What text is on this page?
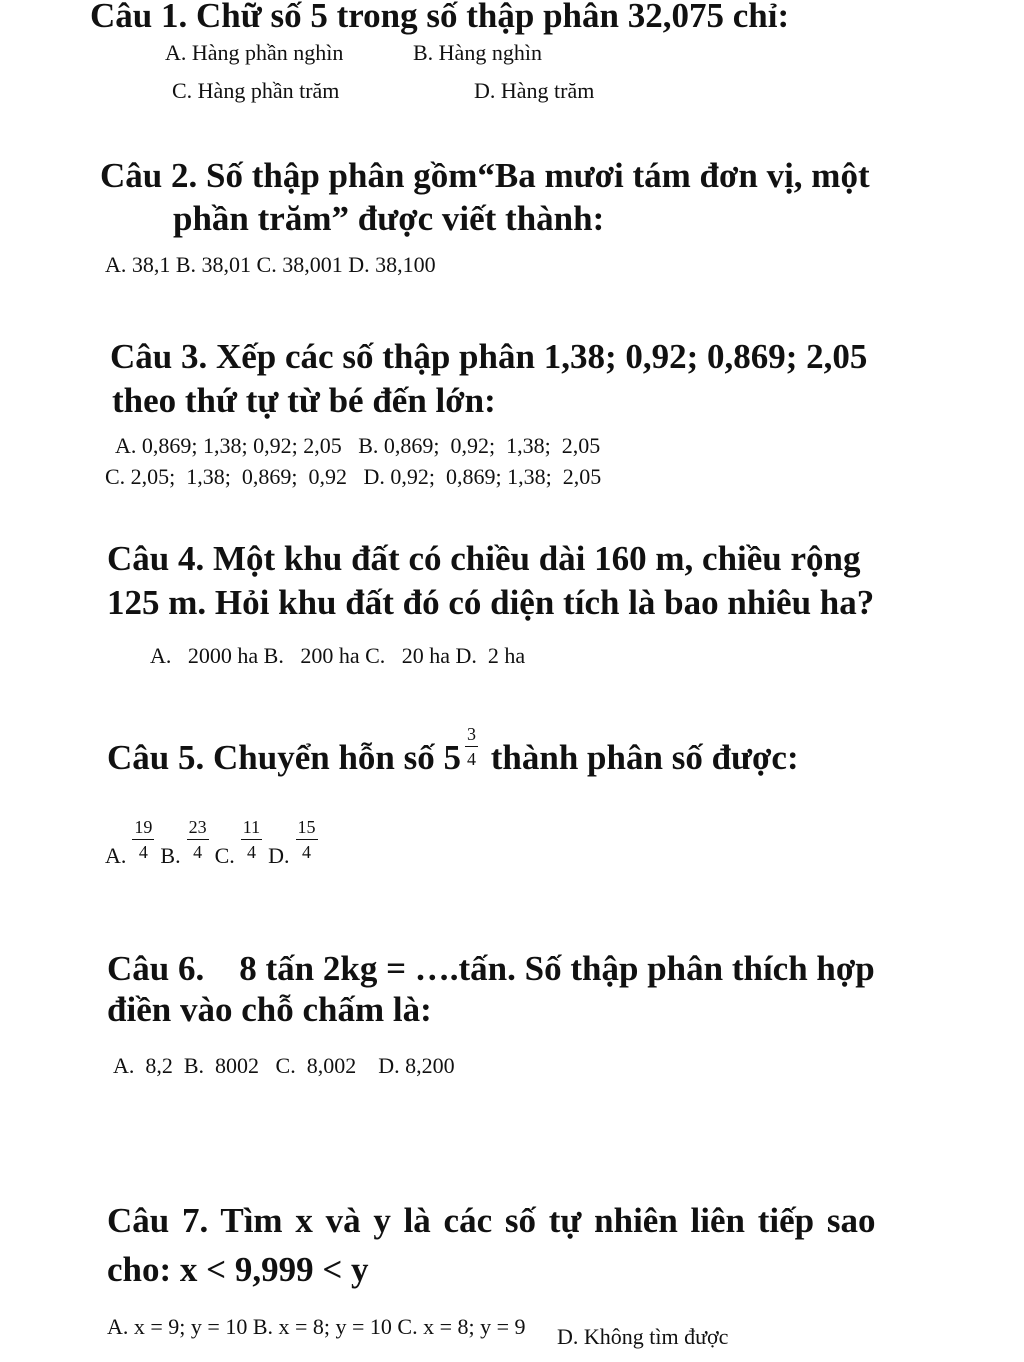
Câu 1. Chữ số 5 trong số thập phân 32,075 chỉ:
A. Hàng phần nghìn	B. Hàng nghìn
C. Hàng phần trăm	D. Hàng trăm
Câu 2. Số thập phân gồm“Ba mươi tám đơn vị, một
phần trăm” được viết thành:
A. 38,1 B. 38,01 C. 38,001 D. 38,100
Câu 3. Xếp các số thập phân 1,38; 0,92; 0,869; 2,05
theo thứ tự từ bé đến lớn:
A. 0,869; 1,38; 0,92; 2,05   B. 0,869;  0,92;  1,38;  2,05
C. 2,05;  1,38;  0,869;  0,92   D. 0,92;  0,869; 1,38;  2,05
Câu 4. Một khu đất có chiều dài 160 m, chiều rộng
125 m. Hỏi khu đất đó có diện tích là bao nhiêu ha?
A.   2000 ha B.   200 ha C.   20 ha D.  2 ha
Câu 5. Chuyển hỗn số $5 \frac{3}{4}$ thành phân số được:
A. $\frac{19}{4} B$. $\frac{23}{4} C$. $\frac{11}{4} D$. $\frac{15}{4}$
Câu 6.    8 tấn 2kg = ….tấn. Số thập phân thích hợp
điền vào chỗ chấm là:
A.  8,2  B.  8002   C.  8,002    D. 8,200
Câu 7. Tìm x và y là các số tự nhiên liên tiếp sao
cho: x < 9,999 < y
A. x = 9; y = 10 B. x = 8; y = 10 C. x = 8; y = 9 D. Không tìm được
